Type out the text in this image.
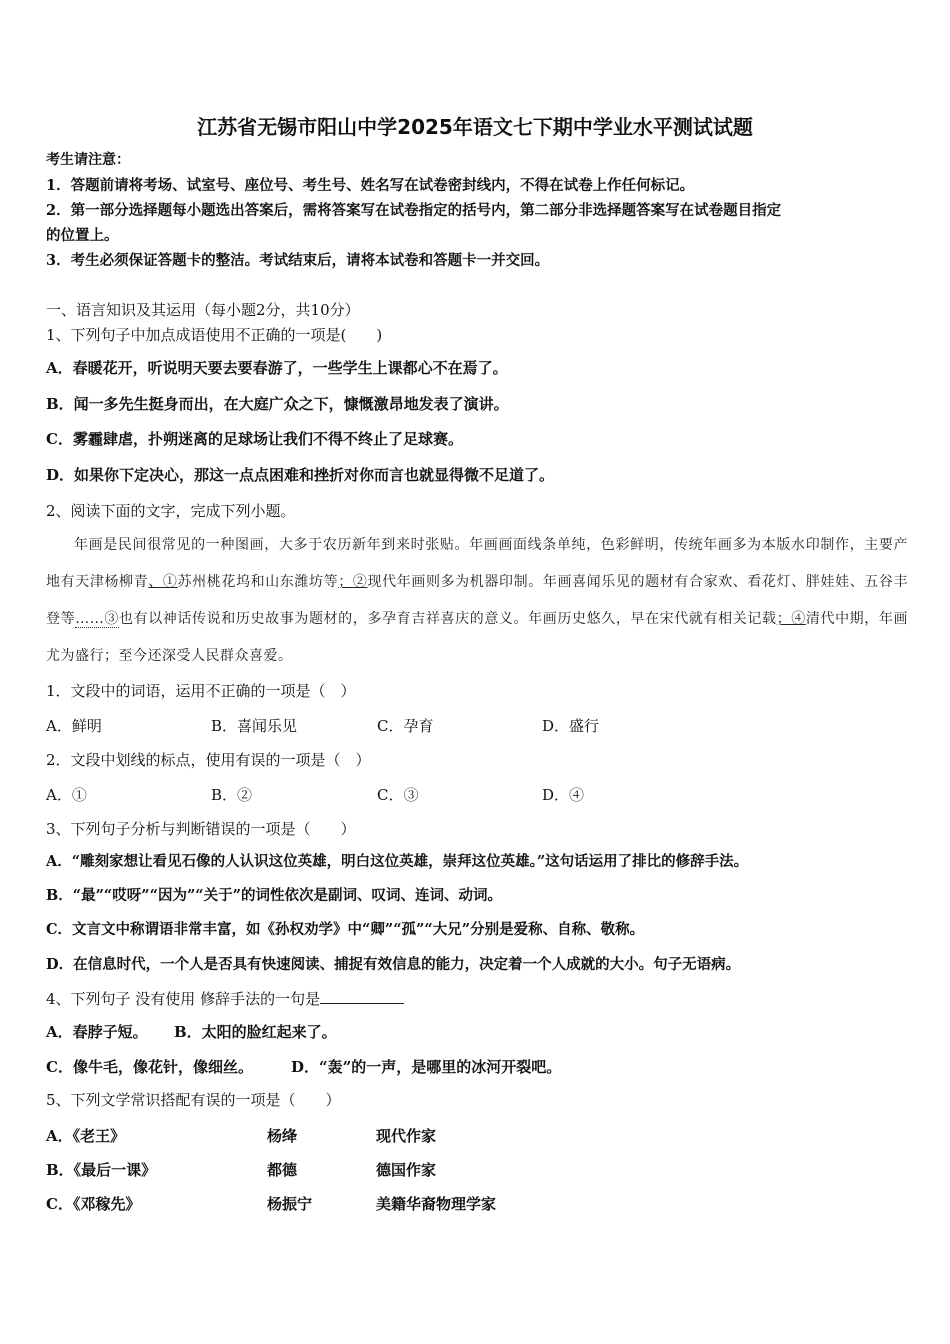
江苏省无锡市阳山中学2025年语文七下期中学业水平测试试题
考生请注意：
1．答题前请将考场、试室号、座位号、考生号、姓名写在试卷密封线内，不得在试卷上作任何标记。
2．第一部分选择题每小题选出答案后，需将答案写在试卷指定的括号内，第二部分非选择题答案写在试卷题目指定
的位置上。
3．考生必须保证答题卡的整洁。考试结束后，请将本试卷和答题卡一并交回。
一、语言知识及其运用（每小题2分，共10分）
1、下列句子中加点成语使用不正确的一项是(　　)
A．春暖花开，听说明天要去要春游了，一些学生上课都心不在焉了。
B．闻一多先生挺身而出，在大庭广众之下，慷慨激昂地发表了演讲。
C．雾霾肆虐，扑朔迷离的足球场让我们不得不终止了足球赛。
D．如果你下定决心，那这一点点困难和挫折对你而言也就显得微不足道了。
2、阅读下面的文字，完成下列小题。
年画是民间很常见的一种图画，大多于农历新年到来时张贴。年画画面线条单纯，色彩鲜明，传统年画多为本版水印制作，主要产地有天津杨柳青、①苏州桃花坞和山东潍坊等；②现代年画则多为机器印制。年画喜闻乐见的题材有合家欢、看花灯、胖娃娃、五谷丰登等……③也有以神话传说和历史故事为题材的，多孕育吉祥喜庆的意义。年画历史悠久，早在宋代就有相关记载；④清代中期，年画尤为盛行；至今还深受人民群众喜爱。
1．文段中的词语，运用不正确的一项是（　）
A．鲜明	B．喜闻乐见	C．孕育	D．盛行
2．文段中划线的标点，使用有误的一项是（　）
A．①	B．②	C．③	D．④
3、下列句子分析与判断错误的一项是（　　）
A．“雕刻家想让看见石像的人认识这位英雄，明白这位英雄，崇拜这位英雄。”这句话运用了排比的修辞手法。
B．“最”“哎呀”“因为”“关于”的词性依次是副词、叹词、连词、动词。
C．文言文中称谓语非常丰富，如《孙权劝学》中“卿”“孤”“大兄”分别是爱称、自称、敬称。
D．在信息时代，一个人是否具有快速阅读、捕捉有效信息的能力，决定着一个人成就的大小。句子无语病。
4、下列句子 没有使用 修辞手法的一句是
A．春脖子短。 B．太阳的脸红起来了。
C．像牛毛，像花针，像细丝。	D．“轰”的一声，是哪里的冰河开裂吧。
5、下列文学常识搭配有误的一项是（　　）
A．《老王》	杨绛	现代作家
B．《最后一课》	都德	德国作家
C．《邓稼先》	杨振宁	美籍华裔物理学家
